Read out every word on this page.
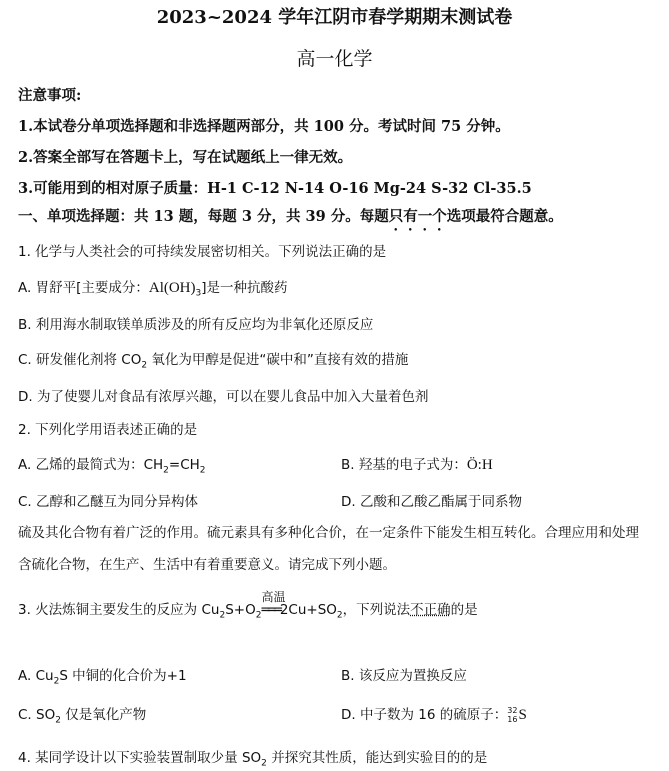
2023~2024 学年江阴市春学期期末测试卷
高一化学
注意事项:
1.本试卷分单项选择题和非选择题两部分，共 100 分。考试时间 75 分钟。
2.答案全部写在答题卡上，写在试题纸上一律无效。
3.可能用到的相对原子质量：H-1 C-12 N-14 O-16 Mg-24 S-32 Cl-35.5
一、单项选择题：共 13 题，每题 3 分，共 39 分。每题只有一个选项最符合题意。
1. 化学与人类社会的可持续发展密切相关。下列说法正确的是
A. 胃舒平[主要成分：$Al(OH)_3$]是一种抗酸药
B. 利用海水制取镁单质涉及的所有反应均为非氧化还原反应
C. 研发催化剂将 $CO_2$ 氧化为甲醇是促进“碳中和”直接有效的措施
D. 为了使婴儿对食品有浓厚兴趣，可以在婴儿食品中加入大量着色剂
2. 下列化学用语表述正确的是
A. 乙烯的最简式为：$CH_2=CH_2$	B. 羟基的电子式为：Ö:H
C. 乙醇和乙醚互为同分异构体	D. 乙酸和乙酸乙酯属于同系物
硫及其化合物有着广泛的作用。硫元素具有多种化合价，在一定条件下能发生相互转化。合理应用和处理
含硫化合物，在生产、生活中有着重要意义。请完成下列小题。
3. 火法炼铜主要发生的反应为 $Cu_2S+O_2$
高温
$═══2Cu+SO_2$，下列说法不正确的是
A. $Cu_2S$ 中铜的化合价为+1	B. 该反应为置换反应
C. $SO_2$ 仅是氧化产物	D. 中子数为 16 的硫原子： 32
16 S
4. 某同学设计以下实验装置制取少量 $SO_2$ 并探究其性质，能达到实验目的的是
